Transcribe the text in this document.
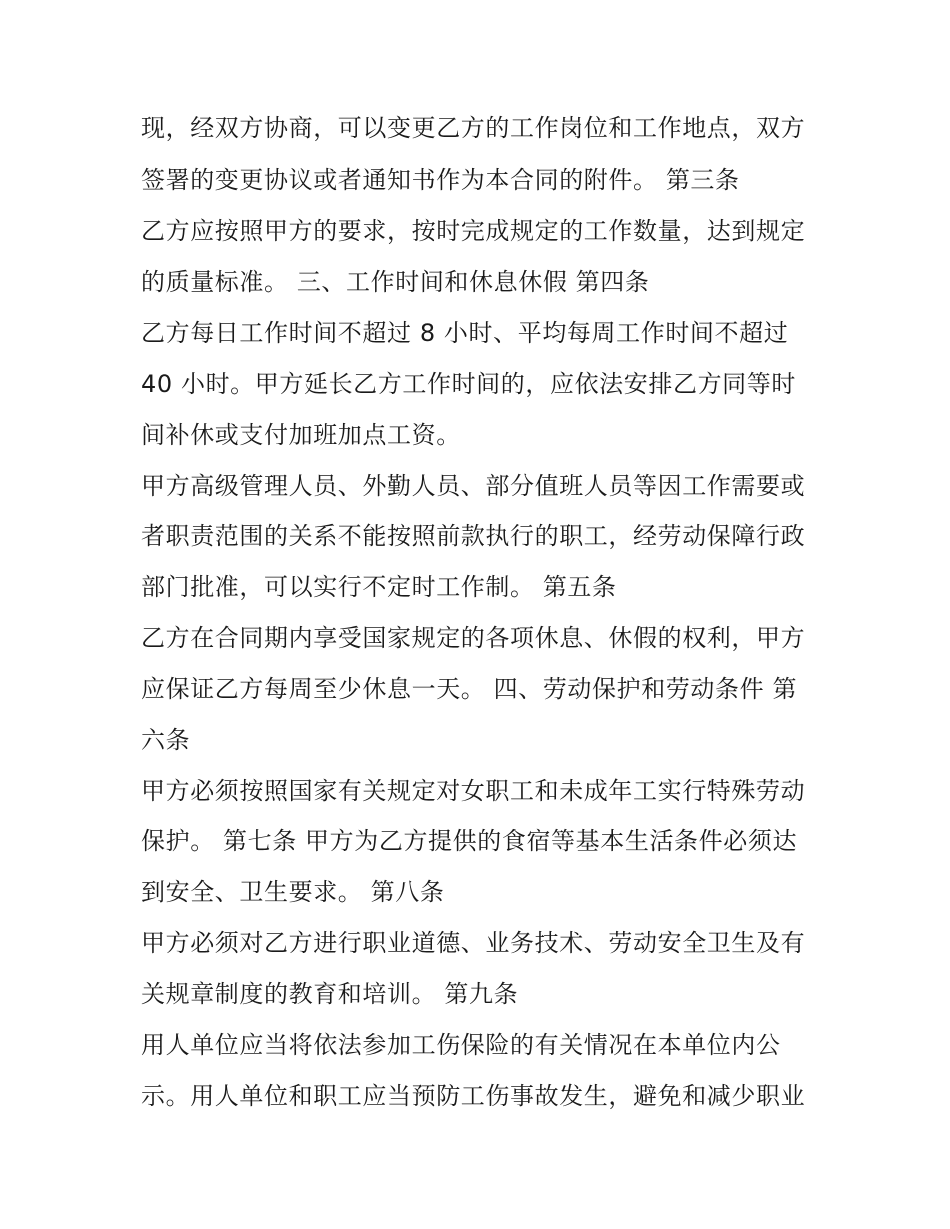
现，经双方协商，可以变更乙方的工作岗位和工作地点，双方
签署的变更协议或者通知书作为本合同的附件。 第三条
乙方应按照甲方的要求，按时完成规定的工作数量，达到规定
的质量标准。 三、工作时间和休息休假 第四条
乙方每日工作时间不超过 8 小时、平均每周工作时间不超过
40 小时。甲方延长乙方工作时间的，应依法安排乙方同等时
间补休或支付加班加点工资。
甲方高级管理人员、外勤人员、部分值班人员等因工作需要或
者职责范围的关系不能按照前款执行的职工，经劳动保障行政
部门批准，可以实行不定时工作制。 第五条
乙方在合同期内享受国家规定的各项休息、休假的权利，甲方
应保证乙方每周至少休息一天。 四、劳动保护和劳动条件 第
六条
甲方必须按照国家有关规定对女职工和未成年工实行特殊劳动
保护。 第七条 甲方为乙方提供的食宿等基本生活条件必须达
到安全、卫生要求。 第八条
甲方必须对乙方进行职业道德、业务技术、劳动安全卫生及有
关规章制度的教育和培训。 第九条
用人单位应当将依法参加工伤保险的有关情况在本单位内公
示。用人单位和职工应当预防工伤事故发生，避免和减少职业
